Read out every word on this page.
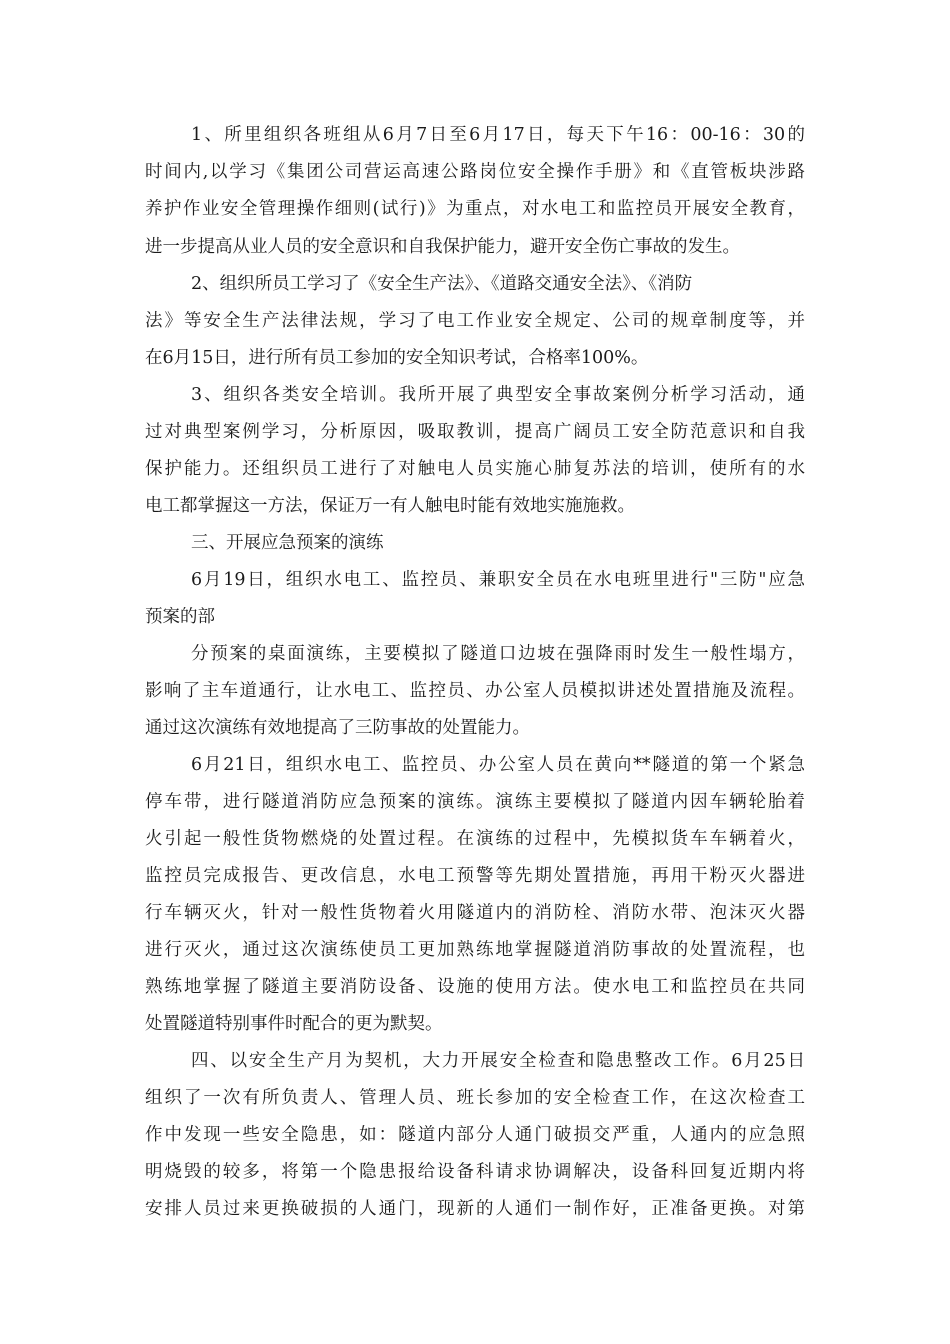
1、所里组织各班组从6月7日至6月17日，每天下午16：00-16：30的
时间内,以学习《集团公司营运高速公路岗位安全操作手册》和《直管板块涉路
养护作业安全管理操作细则(试行)》为重点，对水电工和监控员开展安全教育，
进一步提高从业人员的安全意识和自我保护能力，避开安全伤亡事故的发生。
2、组织所员工学习了《安全生产法》、《道路交通安全法》、《消防
法》等安全生产法律法规，学习了电工作业安全规定、公司的规章制度等，并
在6月15日，进行所有员工参加的安全知识考试，合格率100%。
3、组织各类安全培训。我所开展了典型安全事故案例分析学习活动，通
过对典型案例学习，分析原因，吸取教训，提高广阔员工安全防范意识和自我
保护能力。还组织员工进行了对触电人员实施心肺复苏法的培训，使所有的水
电工都掌握这一方法，保证万一有人触电时能有效地实施施救。
三、开展应急预案的演练
6月19日，组织水电工、监控员、兼职安全员在水电班里进行"三防"应急
预案的部
分预案的桌面演练，主要模拟了隧道口边坡在强降雨时发生一般性塌方，
影响了主车道通行，让水电工、监控员、办公室人员模拟讲述处置措施及流程。
通过这次演练有效地提高了三防事故的处置能力。
6月21日，组织水电工、监控员、办公室人员在黄向**隧道的第一个紧急
停车带，进行隧道消防应急预案的演练。演练主要模拟了隧道内因车辆轮胎着
火引起一般性货物燃烧的处置过程。在演练的过程中，先模拟货车车辆着火，
监控员完成报告、更改信息，水电工预警等先期处置措施，再用干粉灭火器进
行车辆灭火，针对一般性货物着火用隧道内的消防栓、消防水带、泡沫灭火器
进行灭火，通过这次演练使员工更加熟练地掌握隧道消防事故的处置流程，也
熟练地掌握了隧道主要消防设备、设施的使用方法。使水电工和监控员在共同
处置隧道特别事件时配合的更为默契。
四、以安全生产月为契机，大力开展安全检查和隐患整改工作。6月25日
组织了一次有所负责人、管理人员、班长参加的安全检查工作，在这次检查工
作中发现一些安全隐患，如：隧道内部分人通门破损交严重，人通内的应急照
明烧毁的较多，将第一个隐患报给设备科请求协调解决，设备科回复近期内将
安排人员过来更换破损的人通门，现新的人通们一制作好，正准备更换。对第
